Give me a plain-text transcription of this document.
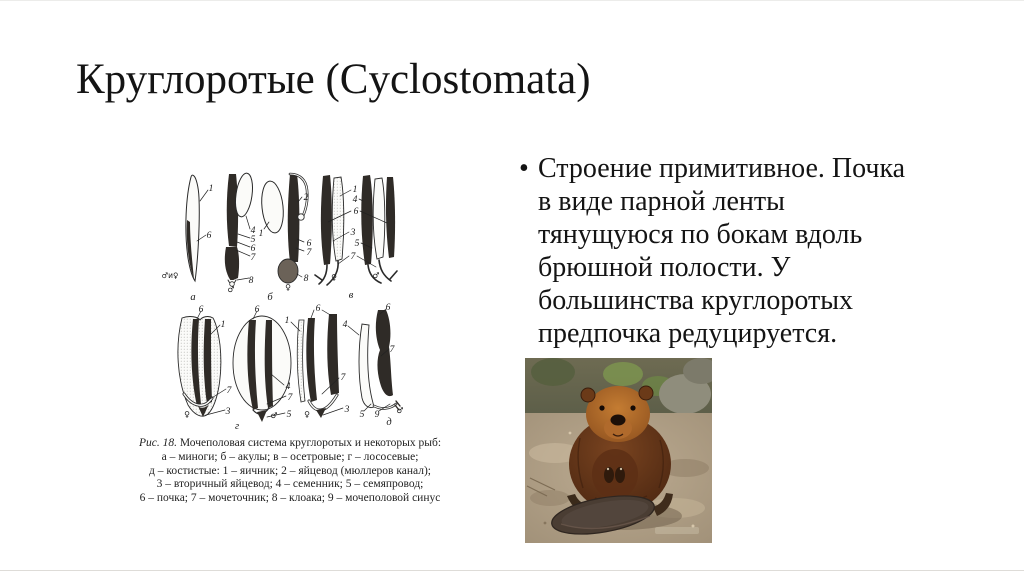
Круглоротые (Cyclostomata)
• Строение примитивное. Почка
в виде парной ленты
тянущуюся по бокам вдоль
брюшной полости. У
большинства круглоротых
предпочка редуцируется.
1
6	4
5
6
7
8
2
1
6
7
8
1
4
6
3
5
7
6	6	6	6
1
7
3
4
7
5
1
7
3
4
7
5 9
♂и♀
♂	♀
♀	♂
♀	♂	♀	♂
а	б	в
г	д
Рис. 18. Мочеполовая система круглоротых и некоторых рыб:
а – миноги; б – акулы; в – осетровые; г – лососевые;
д – костистые: 1 – яичник; 2 – яйцевод (мюллеров канал);
3 – вторичный яйцевод; 4 – семенник; 5 – семяпровод;
6 – почка; 7 – мочеточник; 8 – клоака; 9 – мочеполовой синус
